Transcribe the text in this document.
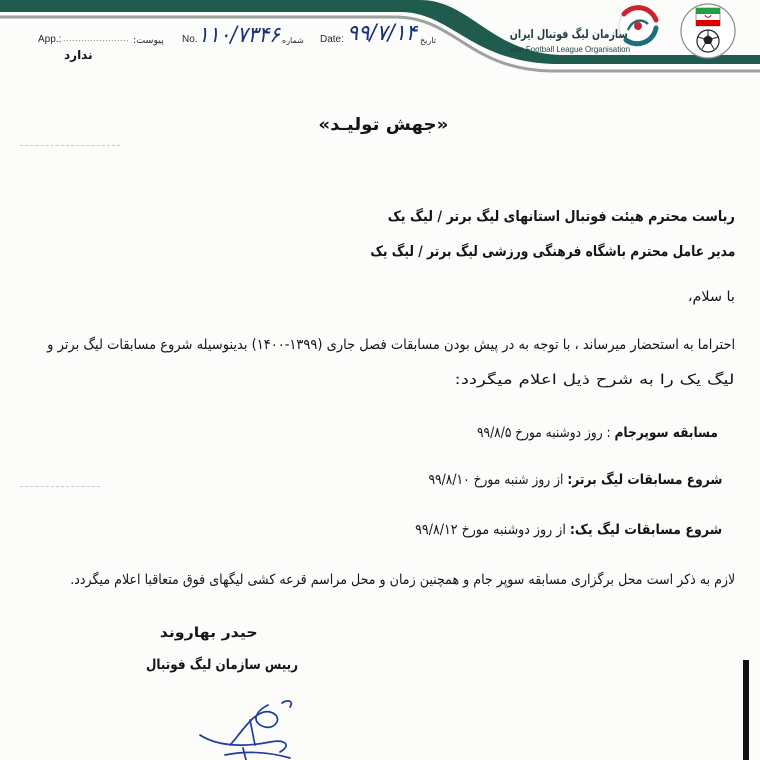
App.: ...................... پیوست:
ندارد
No. ۱۱۰/۷۳۴۶ شماره Date: ۹۹/۷/۱۴ تاریخ	سازمان لیگ فوتبال ایران
Iran Football League Organisation
«جهش تولیـد»
ریاست محترم هیئت فوتبال استانهای لیگ برتر / لیگ یک
مدیر عامل محترم باشگاه فرهنگی ورزشی لیگ برتر / لیگ یک
با سلام،
احتراما به استحضار میرساند ، با توجه به در پیش بودن مسابقات فصل جاری (۱۳۹۹-۱۴۰۰) بدینوسیله شروع مسابقات لیگ برتر و
لیگ یک را به شرح ذیل اعلام میگردد:
مسابقه سوپرجام : روز دوشنبه مورخ ۹۹/۸/۵
شروع مسابقات لیگ برتر: از روز شنبه مورخ ۹۹/۸/۱۰
شروع مسابقات لیگ یک: از روز دوشنبه مورخ ۹۹/۸/۱۲
لازم به ذکر است محل برگزاری مسابقه سوپر جام و همچنین زمان و محل مراسم قرعه کشی لیگهای فوق متعاقبا اعلام میگردد.
حیدر بهاروند
رییس سازمان لیگ فوتبال
